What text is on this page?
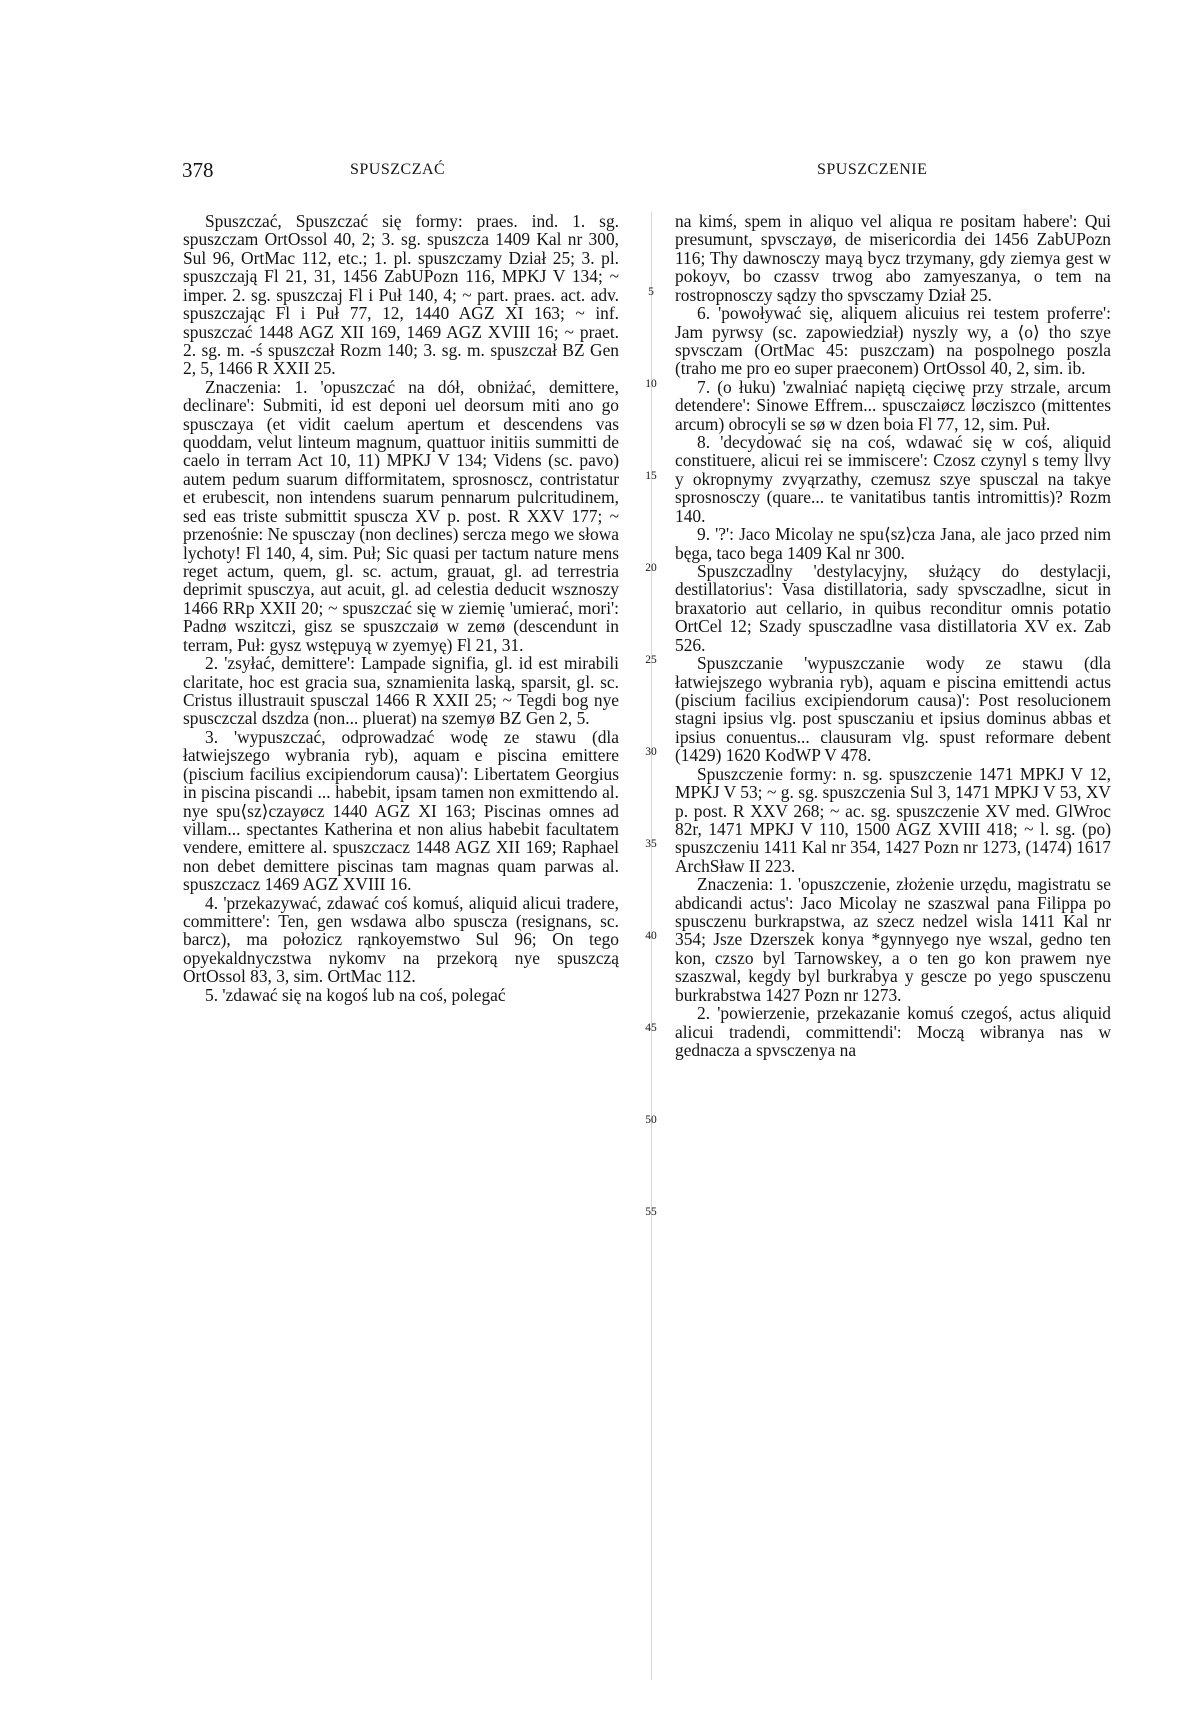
378	SPUSZCZAĆ	SPUSZCZENIE

Spuszczać, Spuszczać się formy: praes. ind. 1. sg. spuszczam OrtOssol 40, 2; 3. sg. spuszcza 1409 Kal nr 300, Sul 96, OrtMac 112, etc.; 1. pl. spuszczamy Dział 25; 3. pl. spuszczają Fl 21, 31, 1456 ZabUPozn 116, MPKJ V 134; ~ imper. 2. sg. spuszczaj Fl i Puł 140, 4; ~ part. praes. act. adv. spuszczając Fl i Puł 77, 12, 1440 AGZ XI 163; ~ inf. spuszczać 1448 AGZ XII 169, 1469 AGZ XVIII 16; ~ praet. 2. sg. m. -ś spuszczał Rozm 140; 3. sg. m. spuszczał BZ Gen 2, 5, 1466 R XXII 25.

Znaczenia: 1. 'opuszczać na dół, obniżać, demittere, declinare': Submiti, id est deponi uel deorsum miti ano go spusczaya (et vidit caelum apertum et descendens vas quoddam, velut linteum magnum, quattuor initiis summitti de caelo in terram Act 10, 11) MPKJ V 134; Videns (sc. pavo) autem pedum suarum difformitatem, sprosnoscz, contristatur et erubescit, non intendens suarum pennarum pulcritudinem, sed eas triste submittit spuscza XV p. post. R XXV 177; ~ przenośnie: Ne spusczay (non declines) sercza mego we słowa lychoty! Fl 140, 4, sim. Puł; Sic quasi per tactum nature mens reget actum, quem, gl. sc. actum, grauat, gl. ad terrestria deprimit spusczya, aut acuit, gl. ad celestia deducit wsznoszy 1466 RRp XXII 20; ~ spuszczać się w ziemię 'umierać, mori': Padnø wszitczi, gisz se spuszczaiø w zemø (descendunt in terram, Puł: gysz wstępuyą w zyemyę) Fl 21, 31.

2. 'zsyłać, demittere': Lampade signifia, gl. id est mirabili claritate, hoc est gracia sua, sznamienita laską, sparsit, gl. sc. Cristus illustrauit spusczal 1466 R XXII 25; ~ Tegdi bog nye spusczczal dszdza (non... pluerat) na szemyø BZ Gen 2, 5.

3. 'wypuszczać, odprowadzać wodę ze stawu (dla łatwiejszego wybrania ryb), aquam e piscina emittere (piscium facilius excipiendorum causa)': Libertatem Georgius in piscina piscandi ... habebit, ipsam tamen non exmittendo al. nye spu⟨sz⟩czayøcz 1440 AGZ XI 163; Piscinas omnes ad villam... spectantes Katherina et non alius habebit facultatem vendere, emittere al. spuszczacz 1448 AGZ XII 169; Raphael non debet demittere piscinas tam magnas quam parwas al. spuszczacz 1469 AGZ XVIII 16.

4. 'przekazywać, zdawać coś komuś, aliquid alicui tradere, committere': Ten, gen wsdawa albo spuscza (resignans, sc. barcz), ma połozicz rąnkoyemstwo Sul 96; On tego opyekaldnyczstwa nykomv na przekorą nye spuszczą OrtOssol 83, 3, sim. OrtMac 112.

5. 'zdawać się na kogoś lub na coś, polegać

5
10
15
20
25
30
35
40
45
50
55

na kimś, spem in aliquo vel aliqua re positam habere': Qui presumunt, spvsczayø, de misericordia dei 1456 ZabUPozn 116; Thy dawnosczy mayą bycz trzymany, gdy ziemya gest w pokoyv, bo czassv trwog abo zamyeszanya, o tem na rostropnosczy sądzy tho spvsczamy Dział 25.

6. 'powoływać się, aliquem alicuius rei testem proferre': Jam pyrwsy (sc. zapowiedział) nyszly wy, a ⟨o⟩ tho szye spvsczam (OrtMac 45: puszczam) na pospolnego poszla (traho me pro eo super praeconem) OrtOssol 40, 2, sim. ib.

7. (o łuku) 'zwalniać napiętą cięciwę przy strzale, arcum detendere': Sinowe Effrem... spusczaiøcz løcziszco (mittentes arcum) obrocyli se sø w dzen boia Fl 77, 12, sim. Puł.

8. 'decydować się na coś, wdawać się w coś, aliquid constituere, alicui rei se immiscere': Czosz czynyl s temy llvy y okropnymy zvyąrzathy, czemusz szye spusczal na takye sprosnosczy (quare... te vanitatibus tantis intromittis)? Rozm 140.

9. '?': Jaco Micolay ne spu⟨sz⟩cza Jana, ale jaco przed nim bęga, taco bega 1409 Kal nr 300.

Spuszczadlny 'destylacyjny, służący do destylacji, destillatorius': Vasa distillatoria, sady spvsczadlne, sicut in braxatorio aut cellario, in quibus reconditur omnis potatio OrtCel 12; Szady spusczadlne vasa distillatoria XV ex. Zab 526.

Spuszczanie 'wypuszczanie wody ze stawu (dla łatwiejszego wybrania ryb), aquam e piscina emittendi actus (piscium facilius excipiendorum causa)': Post resolucionem stagni ipsius vlg. post spusczaniu et ipsius dominus abbas et ipsius conuentus... clausuram vlg. spust reformare debent (1429) 1620 KodWP V 478.

Spuszczenie formy: n. sg. spuszczenie 1471 MPKJ V 12, MPKJ V 53; ~ g. sg. spuszczenia Sul 3, 1471 MPKJ V 53, XV p. post. R XXV 268; ~ ac. sg. spuszczenie XV med. GlWroc 82r, 1471 MPKJ V 110, 1500 AGZ XVIII 418; ~ l. sg. (po) spuszczeniu 1411 Kal nr 354, 1427 Pozn nr 1273, (1474) 1617 ArchSław II 223.

Znaczenia: 1. 'opuszczenie, złożenie urzędu, magistratu se abdicandi actus': Jaco Micolay ne szaszwal pana Filippa po spusczenu burkrapstwa, az szecz nedzel wisla 1411 Kal nr 354; Jsze Dzerszek konya *gynnyego nye wszal, gedno ten kon, czszo byl Tarnowskey, a o ten go kon prawem nye szaszwal, kegdy byl burkrabya y gescze po yego spusczenu burkrabstwa 1427 Pozn nr 1273.

2. 'powierzenie, przekazanie komuś czegoś, actus aliquid alicui tradendi, committendi': Moczą wibranya nas w gednacza a spvsczenya na
